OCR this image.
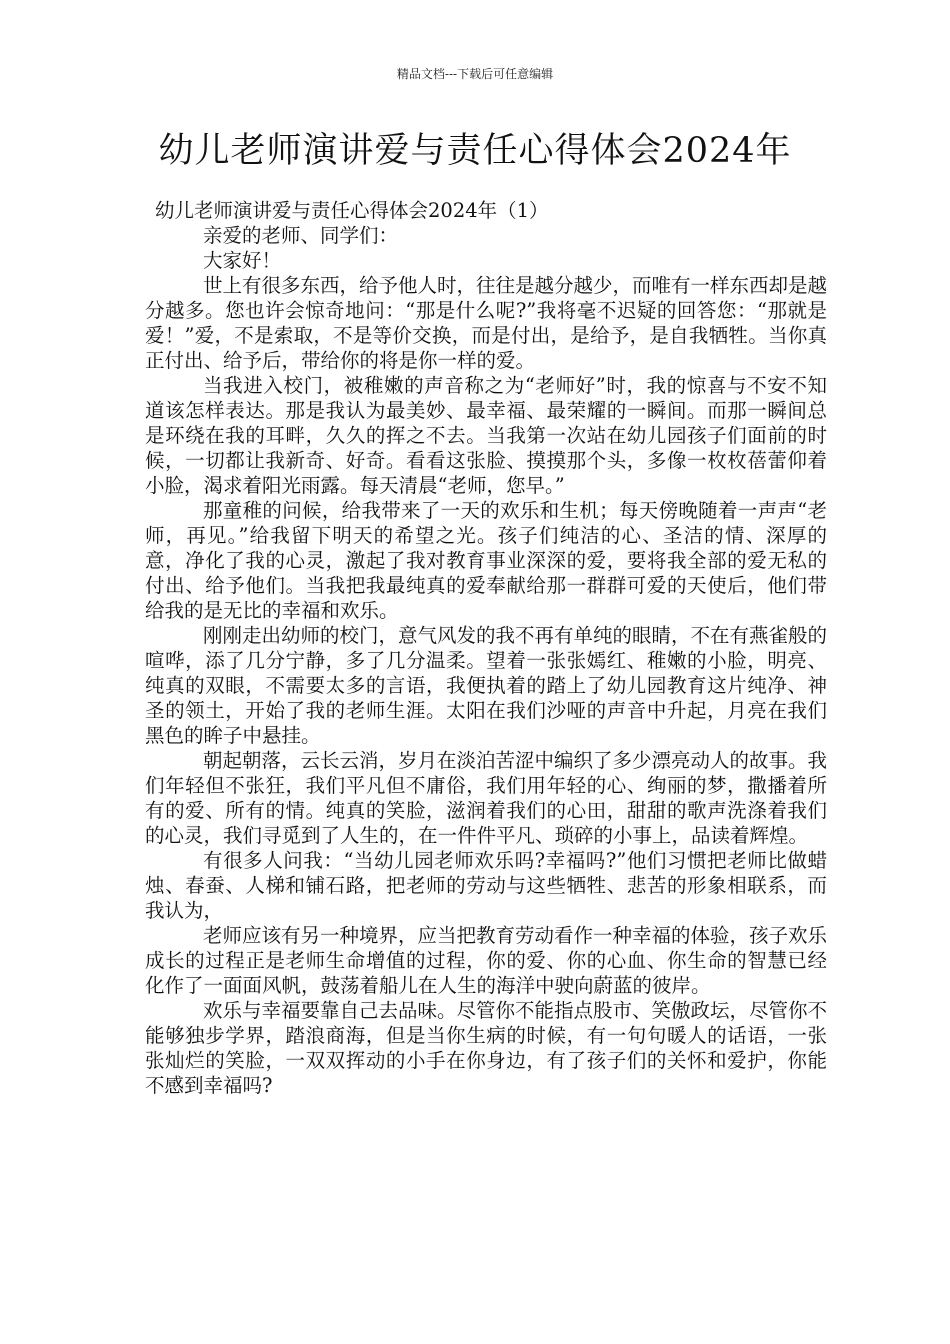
精品文档---下载后可任意编辑
幼儿老师演讲爱与责任心得体会2024年

幼儿老师演讲爱与责任心得体会2024年（1）

亲爱的老师、同学们：

大家好！

世上有很多东西，给予他人时，往往是越分越少，而唯有一样东西却是越分越多。您也许会惊奇地问：“那是什么呢?”我将毫不迟疑的回答您：“那就是爱！”爱，不是索取，不是等价交换，而是付出，是给予，是自我牺牲。当你真正付出、给予后，带给你的将是你一样的爱。

当我进入校门，被稚嫩的声音称之为“老师好”时，我的惊喜与不安不知道该怎样表达。那是我认为最美妙、最幸福、最荣耀的一瞬间。而那一瞬间总是环绕在我的耳畔，久久的挥之不去。当我第一次站在幼儿园孩子们面前的时候，一切都让我新奇、好奇。看看这张脸、摸摸那个头，多像一枚枚蓓蕾仰着小脸，渴求着阳光雨露。每天清晨“老师，您早。”

那童稚的问候，给我带来了一天的欢乐和生机；每天傍晚随着一声声“老师，再见。”给我留下明天的希望之光。孩子们纯洁的心、圣洁的情、深厚的意，净化了我的心灵，激起了我对教育事业深深的爱，要将我全部的爱无私的付出、给予他们。当我把我最纯真的爱奉献给那一群群可爱的天使后，他们带给我的是无比的幸福和欢乐。

刚刚走出幼师的校门，意气风发的我不再有单纯的眼睛，不在有燕雀般的喧哗，添了几分宁静，多了几分温柔。望着一张张嫣红、稚嫩的小脸，明亮、纯真的双眼，不需要太多的言语，我便执着的踏上了幼儿园教育这片纯净、神圣的领土，开始了我的老师生涯。太阳在我们沙哑的声音中升起，月亮在我们黑色的眸子中悬挂。

朝起朝落，云长云消，岁月在淡泊苦涩中编织了多少漂亮动人的故事。我们年轻但不张狂，我们平凡但不庸俗，我们用年轻的心、绚丽的梦，撒播着所有的爱、所有的情。纯真的笑脸，滋润着我们的心田，甜甜的歌声洗涤着我们的心灵，我们寻觅到了人生的，在一件件平凡、琐碎的小事上，品读着辉煌。

有很多人问我：“当幼儿园老师欢乐吗?幸福吗?”他们习惯把老师比做蜡烛、春蚕、人梯和铺石路，把老师的劳动与这些牺牲、悲苦的形象相联系，而我认为，

老师应该有另一种境界，应当把教育劳动看作一种幸福的体验，孩子欢乐成长的过程正是老师生命增值的过程，你的爱、你的心血、你生命的智慧已经化作了一面面风帆，鼓荡着船儿在人生的海洋中驶向蔚蓝的彼岸。

欢乐与幸福要靠自己去品味。尽管你不能指点股市、笑傲政坛，尽管你不能够独步学界，踏浪商海，但是当你生病的时候，有一句句暖人的话语，一张张灿烂的笑脸，一双双挥动的小手在你身边，有了孩子们的关怀和爱护，你能不感到幸福吗?
